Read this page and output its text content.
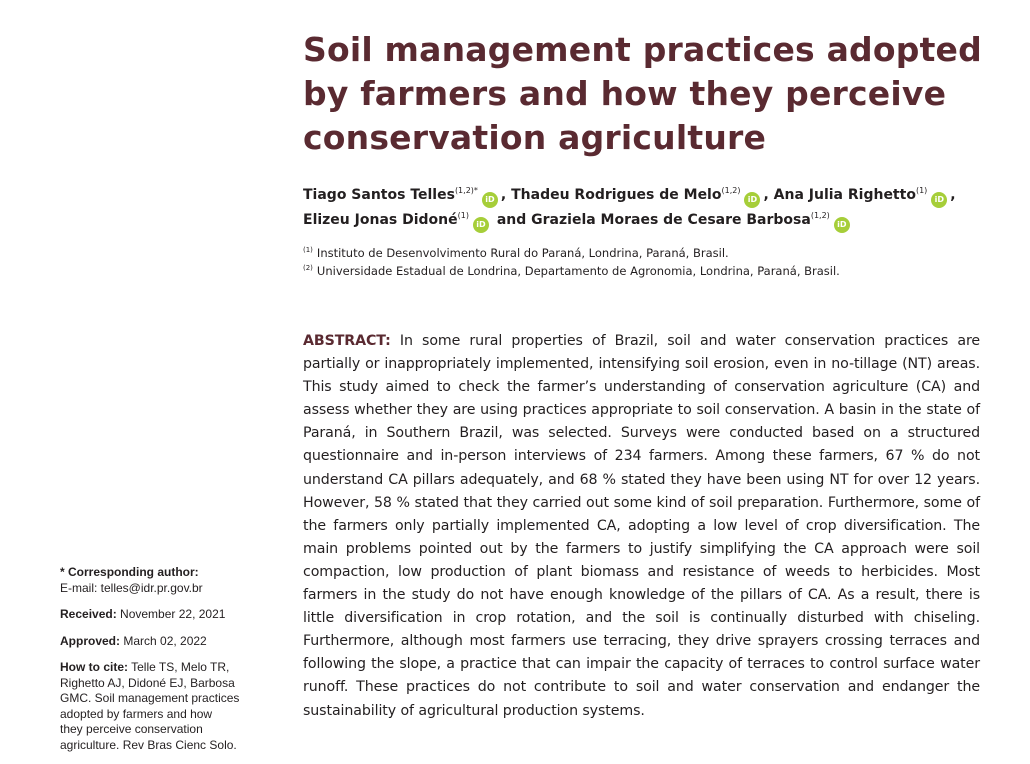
Soil management practices adopted by farmers and how they perceive conservation agriculture
Tiago Santos Telles$^{(1,2)*}$iD , Thadeu Rodrigues de Melo$^{(1,2)}$iD , Ana Julia Righetto$^{(1)}$iD ,
Elizeu Jonas Didoné$^{(1)}$iD and Graziela Moraes de Cesare Barbosa$^{(1,2)}$iD
$^{(1)}$ Instituto de Desenvolvimento Rural do Paraná, Londrina, Paraná, Brasil.
$^{(2)}$ Universidade Estadual de Londrina, Departamento de Agronomia, Londrina, Paraná, Brasil.

ABSTRACT: In some rural properties of Brazil, soil and water conservation practices are partially or inappropriately implemented, intensifying soil erosion, even in no-tillage (NT) areas. This study aimed to check the farmer’s understanding of conservation agriculture (CA) and assess whether they are using practices appropriate to soil conservation. A basin in the state of Paraná, in Southern Brazil, was selected. Surveys were conducted based on a structured questionnaire and in-person interviews of 234 farmers. Among these farmers, 67 % do not understand CA pillars adequately, and 68 % stated they have been using NT for over 12 years. However, 58 % stated that they carried out some kind of soil preparation. Furthermore, some of the farmers only partially implemented CA, adopting a low level of crop diversification. The main problems pointed out by the farmers to justify simplifying the CA approach were soil compaction, low production of plant biomass and resistance of weeds to herbicides. Most farmers in the study do not have enough knowledge of the pillars of CA. As a result, there is little diversification in crop rotation, and the soil is continually disturbed with chiseling. Furthermore, although most farmers use terracing, they drive sprayers crossing terraces and following the slope, a practice that can impair the capacity of terraces to control surface water runoff. These practices do not contribute to soil and water conservation and endanger the sustainability of agricultural production systems.

* Corresponding author:
E-mail: telles@idr.pr.gov.br
Received: November 22, 2021
Approved: March 02, 2022
How to cite: Telle TS, Melo TR,
Righetto AJ, Didoné EJ, Barbosa
GMC. Soil management practices
adopted by farmers and how
they perceive conservation
agriculture. Rev Bras Cienc Solo.
